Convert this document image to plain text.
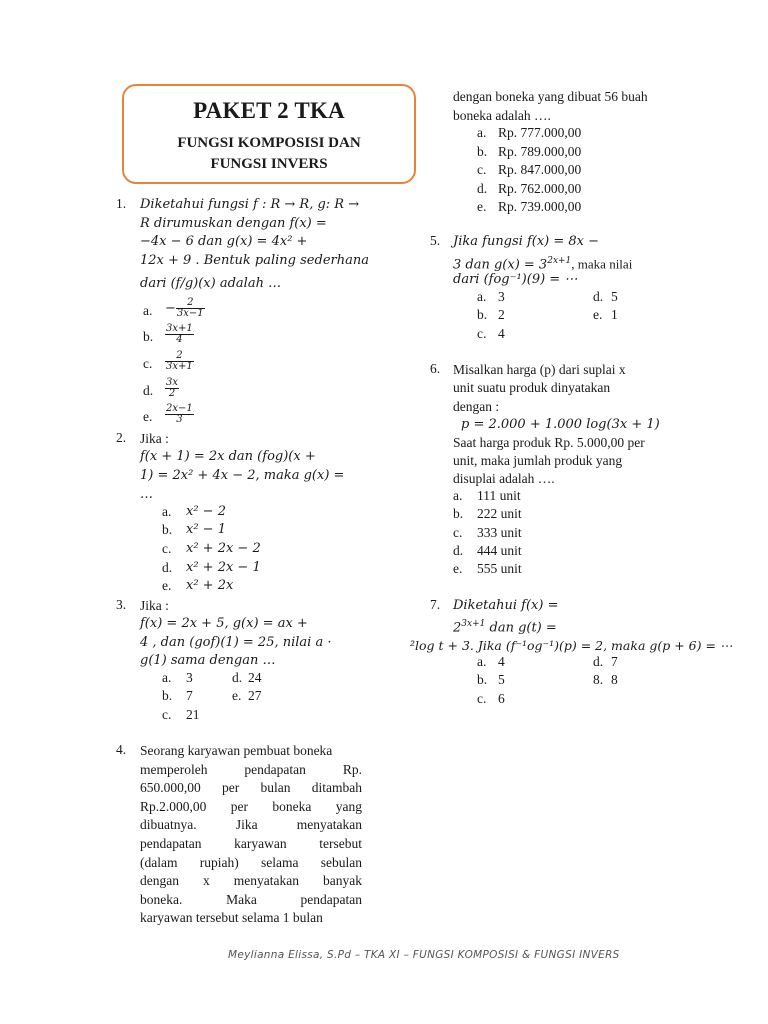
PAKET 2 TKA
FUNGSI KOMPOSISI DAN
FUNGSI INVERS
1. Diketahui fungsi f : R → R, g: R →
R dirumuskan dengan f(x) =
−4x − 6 dan g(x) = 4x² +
12x + 9 . Bentuk paling sederhana
dari (f/g)(x) adalah …
a. − $\frac{2}{3x-1}$
b. $\frac{3x+1}{4}$
c. $\frac{2}{3x+1}$
d. $\frac{3x}{2}$
e. $\frac{2x-1}{3}$
2. Jika :
f(x + 1) = 2x dan (fog)(x +
1) = 2x² + 4x − 2, maka g(x) =
…
a. x² − 2
b. x² − 1
c. x² + 2x − 2
d. x² + 2x − 1
e. x² + 2x
3. Jika :
f(x) = 2x + 5, g(x) = ax +
4 , dan (gof)(1) = 25, nilai a ·
g(1) sama dengan …
a. 3	d. 24
b. 7	e. 27
c. 21
4. Seorang karyawan pembuat boneka
memperoleh pendapatan Rp.
650.000,00 per bulan ditambah
Rp.2.000,00 per boneka yang
dibuatnya. Jika menyatakan
pendapatan karyawan tersebut
(dalam rupiah) selama sebulan
dengan x menyatakan banyak
boneka. Maka pendapatan
karyawan tersebut selama 1 bulan
dengan boneka yang dibuat 56 buah
boneka adalah ….
a. Rp. 777.000,00
b. Rp. 789.000,00
c. Rp. 847.000,00
d. Rp. 762.000,00
e. Rp. 739.000,00
5. Jika fungsi f(x) = 8x −
3 dan $g(x) = 3^{2x+1}$, maka nilai
dari (fog⁻¹)(9) = ⋯
a. 3	d. 5
b. 2	e. 1
c. 4
6. Misalkan harga (p) dari suplai x
unit suatu produk dinyatakan
dengan :
p = 2.000 + 1.000 log(3x + 1)
Saat harga produk Rp. 5.000,00 per
unit, maka jumlah produk yang
disuplai adalah ….
a. 111 unit
b. 222 unit
c. 333 unit
d. 444 unit
e. 555 unit
7. Diketahui f(x) =
$2^{3x+1}$ dan g(t) =
²log t + 3. Jika (f⁻¹og⁻¹)(p) = 2, maka g(p + 6) = ⋯
a. 4	d. 7
b. 5	8. 8
c. 6
Meylianna Elissa, S.Pd – TKA XI – FUNGSI KOMPOSISI & FUNGSI INVERS
